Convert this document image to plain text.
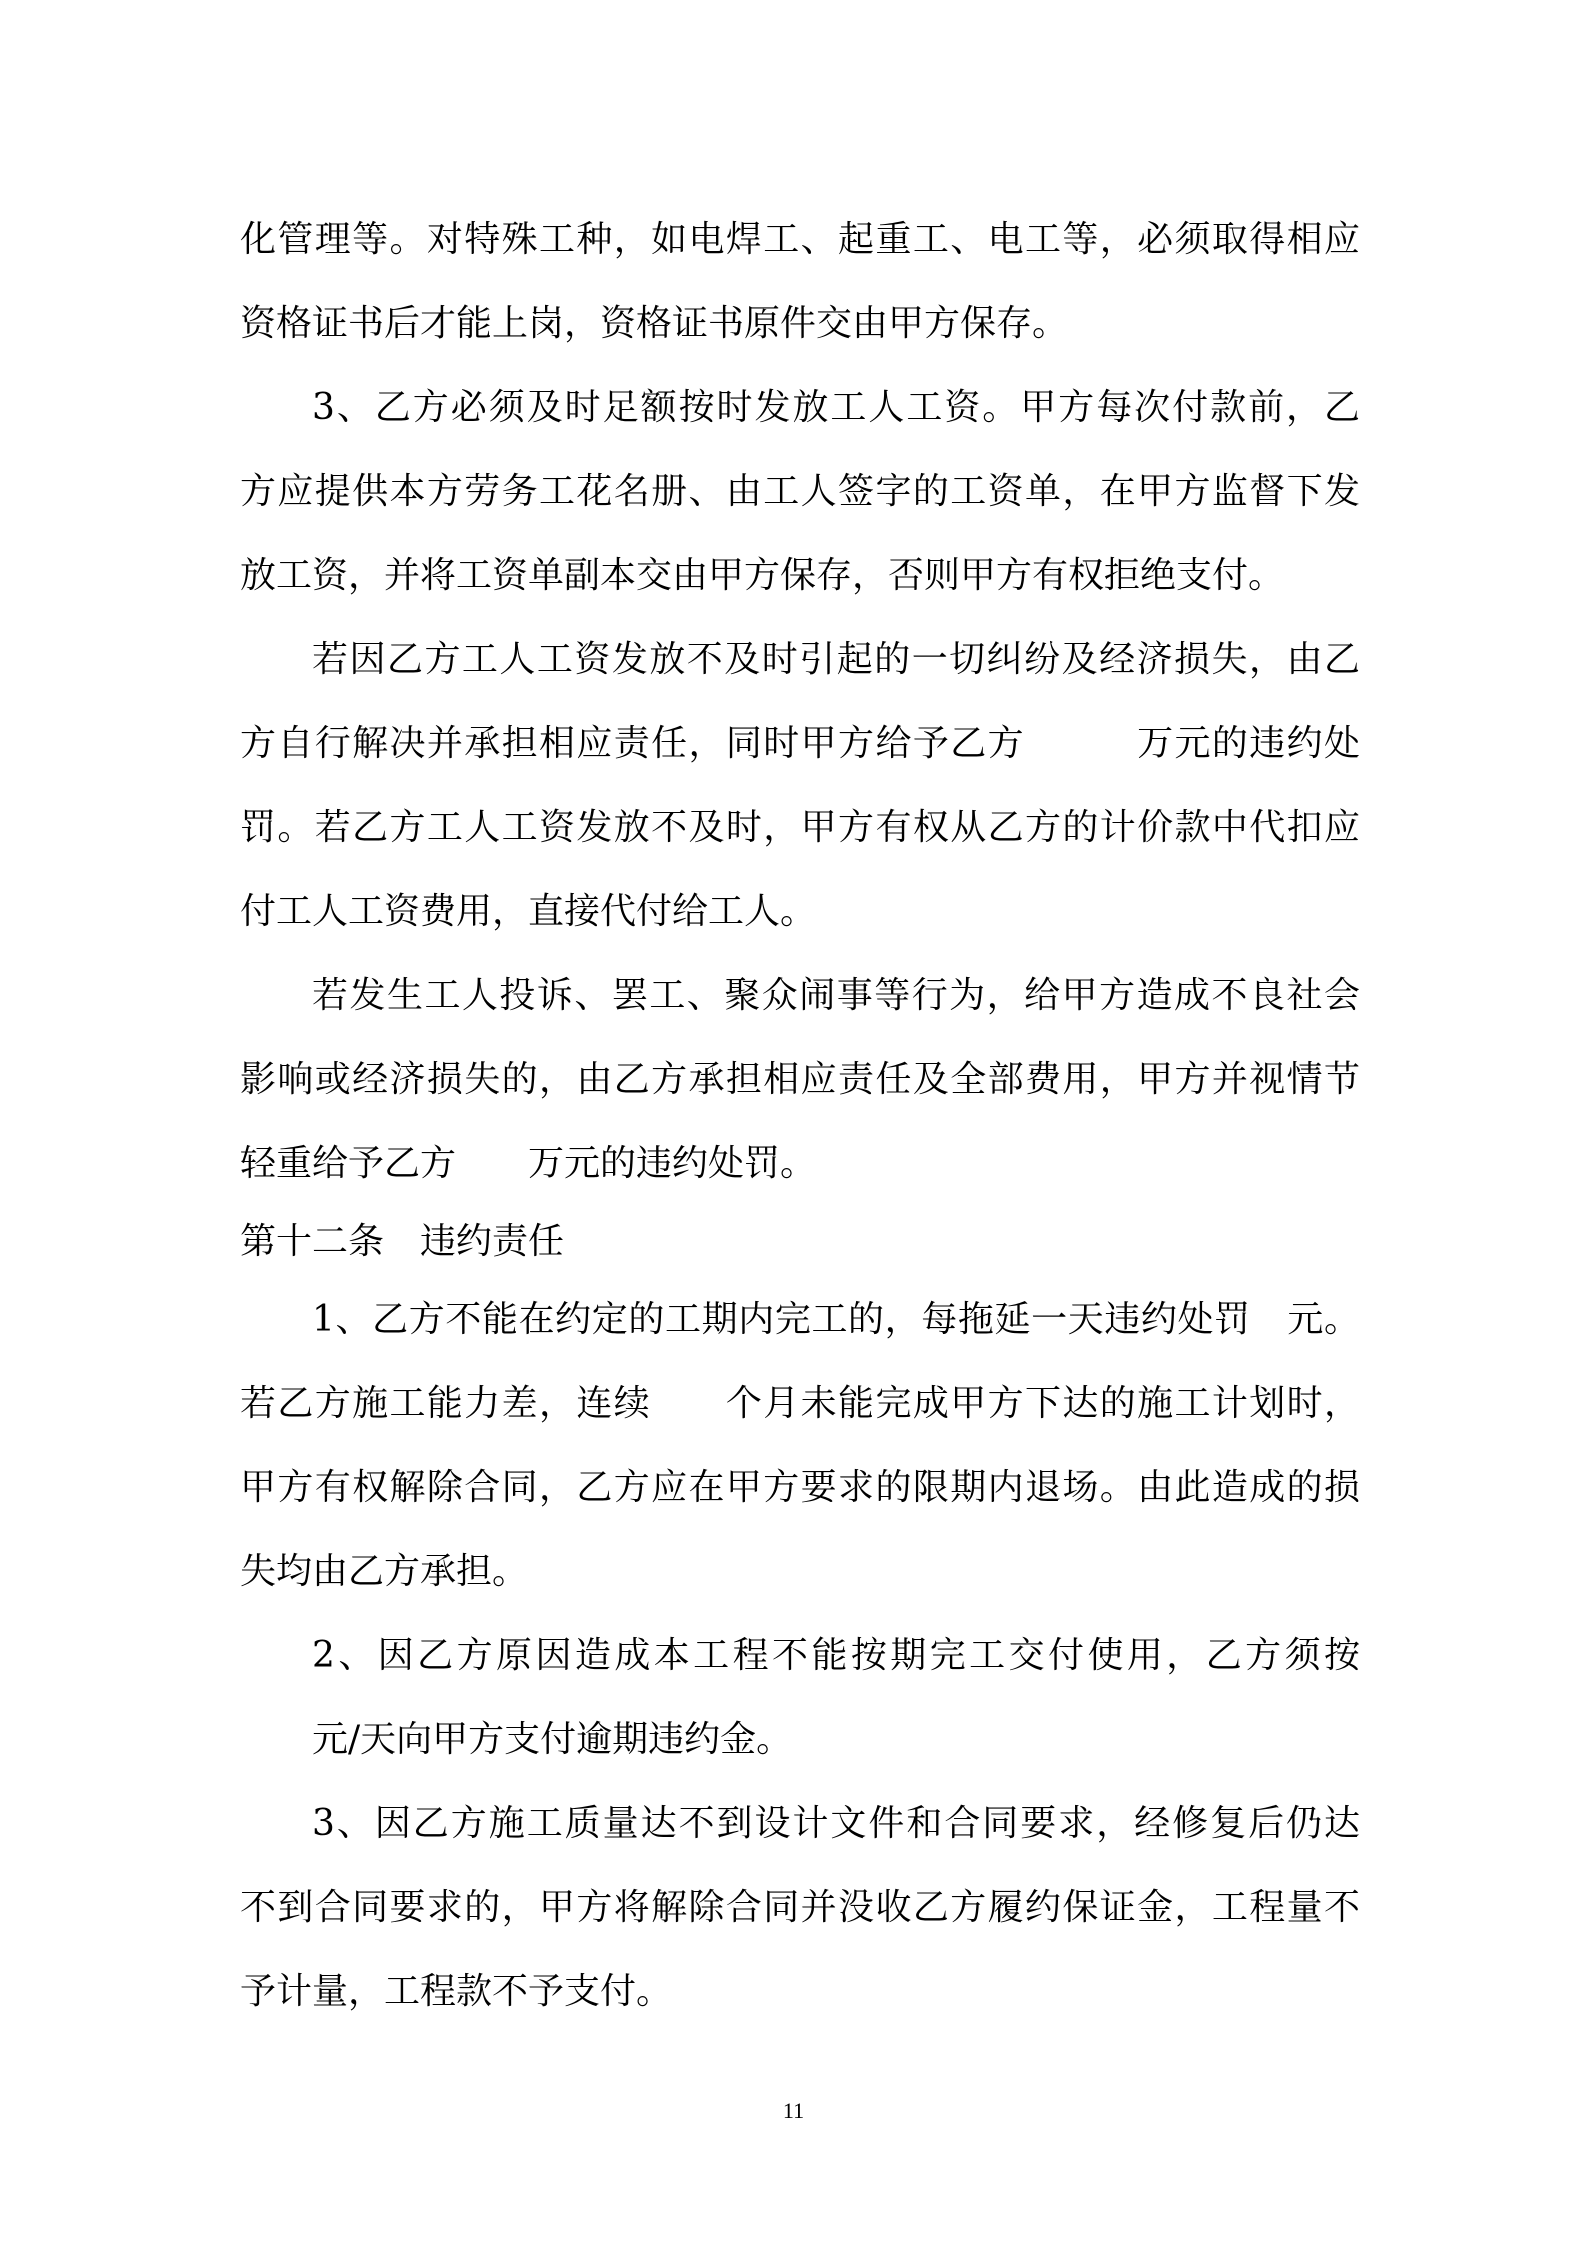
化管理等。对特殊工种，如电焊工、起重工、电工等，必须取得相应
资格证书后才能上岗，资格证书原件交由甲方保存。
3、乙方必须及时足额按时发放工人工资。甲方每次付款前，乙
方应提供本方劳务工花名册、由工人签字的工资单，在甲方监督下发
放工资，并将工资单副本交由甲方保存，否则甲方有权拒绝支付。
若因乙方工人工资发放不及时引起的一切纠纷及经济损失，由乙
方自行解决并承担相应责任，同时甲方给予乙方　　　万元的违约处
罚。若乙方工人工资发放不及时，甲方有权从乙方的计价款中代扣应
付工人工资费用，直接代付给工人。
若发生工人投诉、罢工、聚众闹事等行为，给甲方造成不良社会
影响或经济损失的，由乙方承担相应责任及全部费用，甲方并视情节
轻重给予乙方　　万元的违约处罚。
第十二条　违约责任
1、乙方不能在约定的工期内完工的，每拖延一天违约处罚　元。
若乙方施工能力差，连续　　个月未能完成甲方下达的施工计划时，
甲方有权解除合同，乙方应在甲方要求的限期内退场。由此造成的损
失均由乙方承担。
2、因乙方原因造成本工程不能按期完工交付使用，乙方须按
元/天向甲方支付逾期违约金。
3、因乙方施工质量达不到设计文件和合同要求，经修复后仍达
不到合同要求的，甲方将解除合同并没收乙方履约保证金，工程量不
予计量，工程款不予支付。
11
